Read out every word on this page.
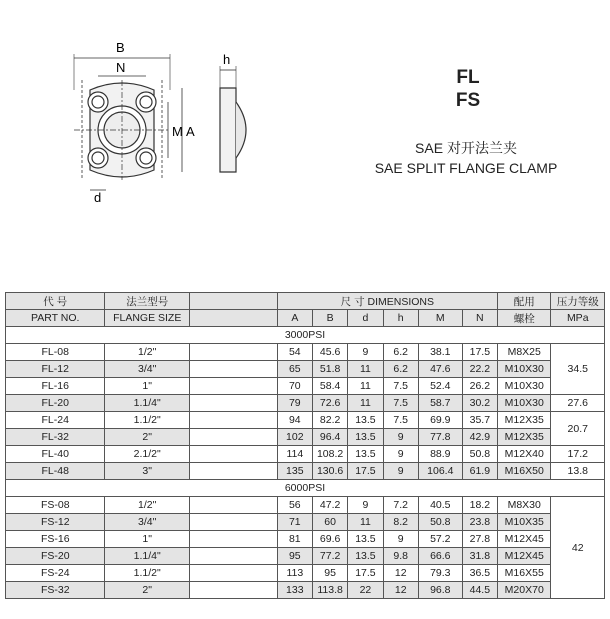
B
N
M A
d
h
FL
FS
SAE 对开法兰夹
SAE SPLIT FLANGE CLAMP
代 号	法兰型号		尺 寸 DIMENSIONS						配用	压力等级
PART NO.	FLANGE SIZE		A	B	d	h	M	N	螺栓	MPa
3000PSI										
FL-08	1/2"		54	45.6	9	6.2	38.1	17.5	M8X25	34.5
FL-12	3/4"		65	51.8	11	6.2	47.6	22.2	M10X30	
FL-16	1"		70	58.4	11	7.5	52.4	26.2	M10X30	
FL-20	1.1/4"		79	72.6	11	7.5	58.7	30.2	M10X30	27.6
FL-24	1.1/2"		94	82.2	13.5	7.5	69.9	35.7	M12X35	20.7
FL-32	2"		102	96.4	13.5	9	77.8	42.9	M12X35	
FL-40	2.1/2"		114	108.2	13.5	9	88.9	50.8	M12X40	17.2
FL-48	3"		135	130.6	17.5	9	106.4	61.9	M16X50	13.8
6000PSI										
FS-08	1/2"		56	47.2	9	7.2	40.5	18.2	M8X30	42
FS-12	3/4"		71	60	11	8.2	50.8	23.8	M10X35	
FS-16	1"		81	69.6	13.5	9	57.2	27.8	M12X45	
FS-20	1.1/4"		95	77.2	13.5	9.8	66.6	31.8	M12X45	
FS-24	1.1/2"		113	95	17.5	12	79.3	36.5	M16X55	
FS-32	2"		133	113.8	22	12	96.8	44.5	M20X70	
